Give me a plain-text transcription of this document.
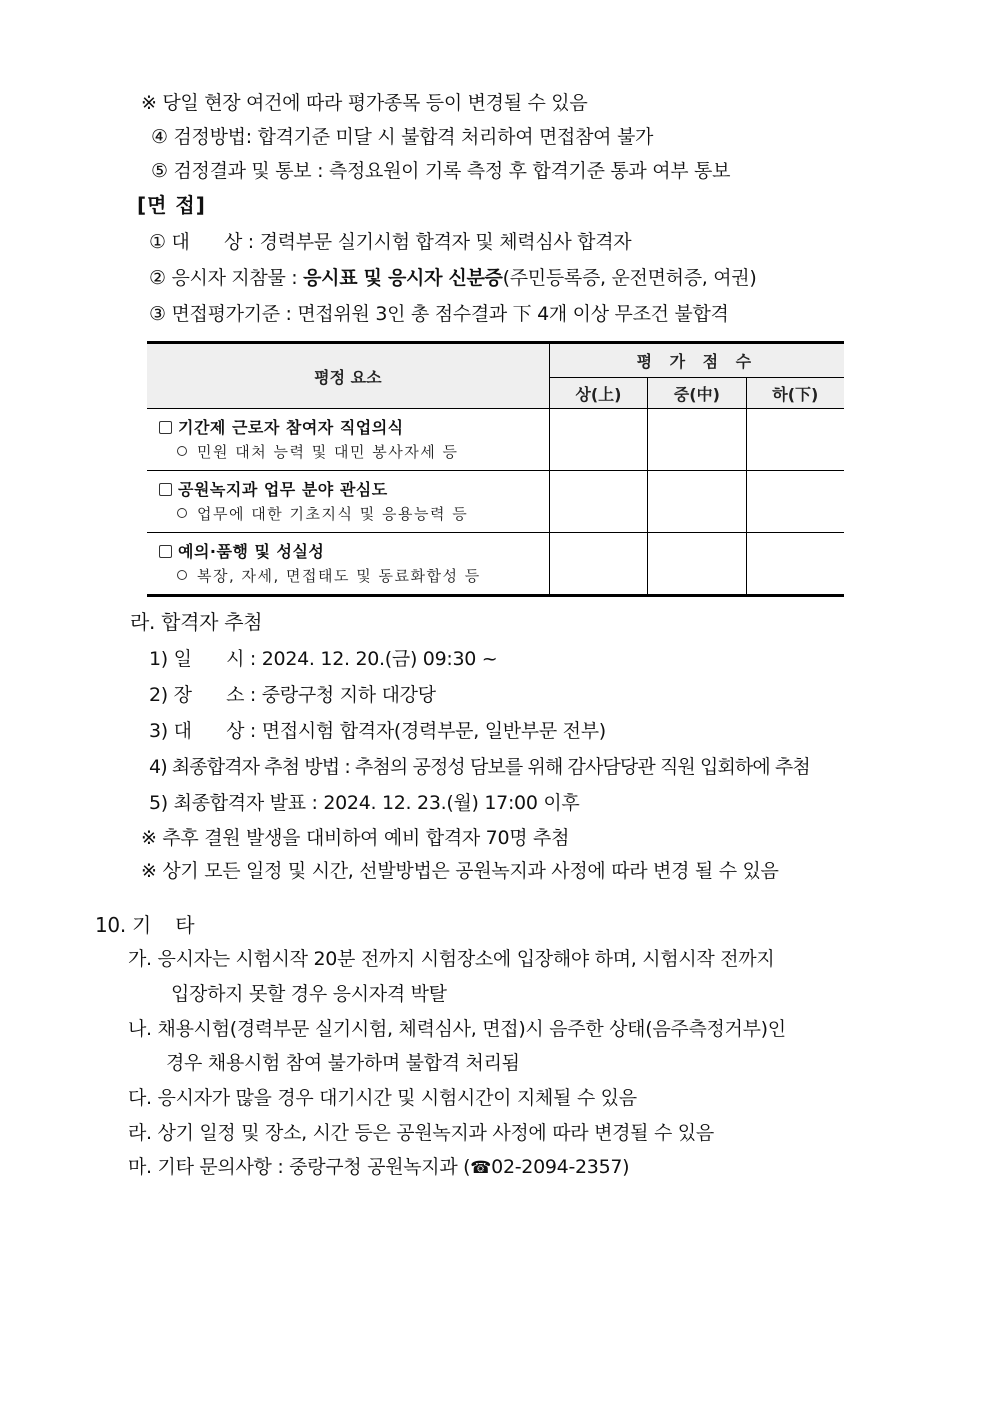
※ 당일 현장 여건에 따라 평가종목 등이 변경될 수 있음
④ 검정방법: 합격기준 미달 시 불합격 처리하여 면접참여 불가
⑤ 검정결과 및 통보 : 측정요원이 기록 측정 후 합격기준 통과 여부 통보
[면 접]
① 대      상 : 경력부문 실기시험 합격자 및 체력심사 합격자
② 응시자 지참물 : 응시표 및 응시자 신분증(주민등록증, 운전면허증, 여권)
③ 면접평가기준 : 면접위원 3인 총 점수결과 下 4개 이상 무조건 불합격
평정 요소	평 가 점 수		
	상(上)	중(中)	하(下)

기간제 근로자 참여자 직업의식
민원 대처 능력 및 대민 봉사자세 등			

공원녹지과 업무 분야 관심도
업무에 대한 기초지식 및 응용능력 등			

예의·품행 및 성실성
복장, 자세, 면접태도 및 동료화합성 등			

라. 합격자 추첨
1) 일      시 : 2024. 12. 20.(금) 09:30 ~
2) 장      소 : 중랑구청 지하 대강당
3) 대      상 : 면접시험 합격자(경력부문, 일반부문 전부)
4) 최종합격자 추첨 방법 : 추첨의 공정성 담보를 위해 감사담당관 직원 입회하에 추첨
5) 최종합격자 발표 : 2024. 12. 23.(월) 17:00 이후
※ 추후 결원 발생을 대비하여 예비 합격자 70명 추첨
※ 상기 모든 일정 및 시간, 선발방법은 공원녹지과 사정에 따라 변경 될 수 있음
10. 기    타
가. 응시자는 시험시작 20분 전까지 시험장소에 입장해야 하며, 시험시작 전까지
입장하지 못할 경우 응시자격 박탈
나. 채용시험(경력부문 실기시험, 체력심사, 면접)시 음주한 상태(음주측정거부)인
경우 채용시험 참여 불가하며 불합격 처리됨
다. 응시자가 많을 경우 대기시간 및 시험시간이 지체될 수 있음
라. 상기 일정 및 장소, 시간 등은 공원녹지과 사정에 따라 변경될 수 있음
마. 기타 문의사항 : 중랑구청 공원녹지과 (☎02-2094-2357)
